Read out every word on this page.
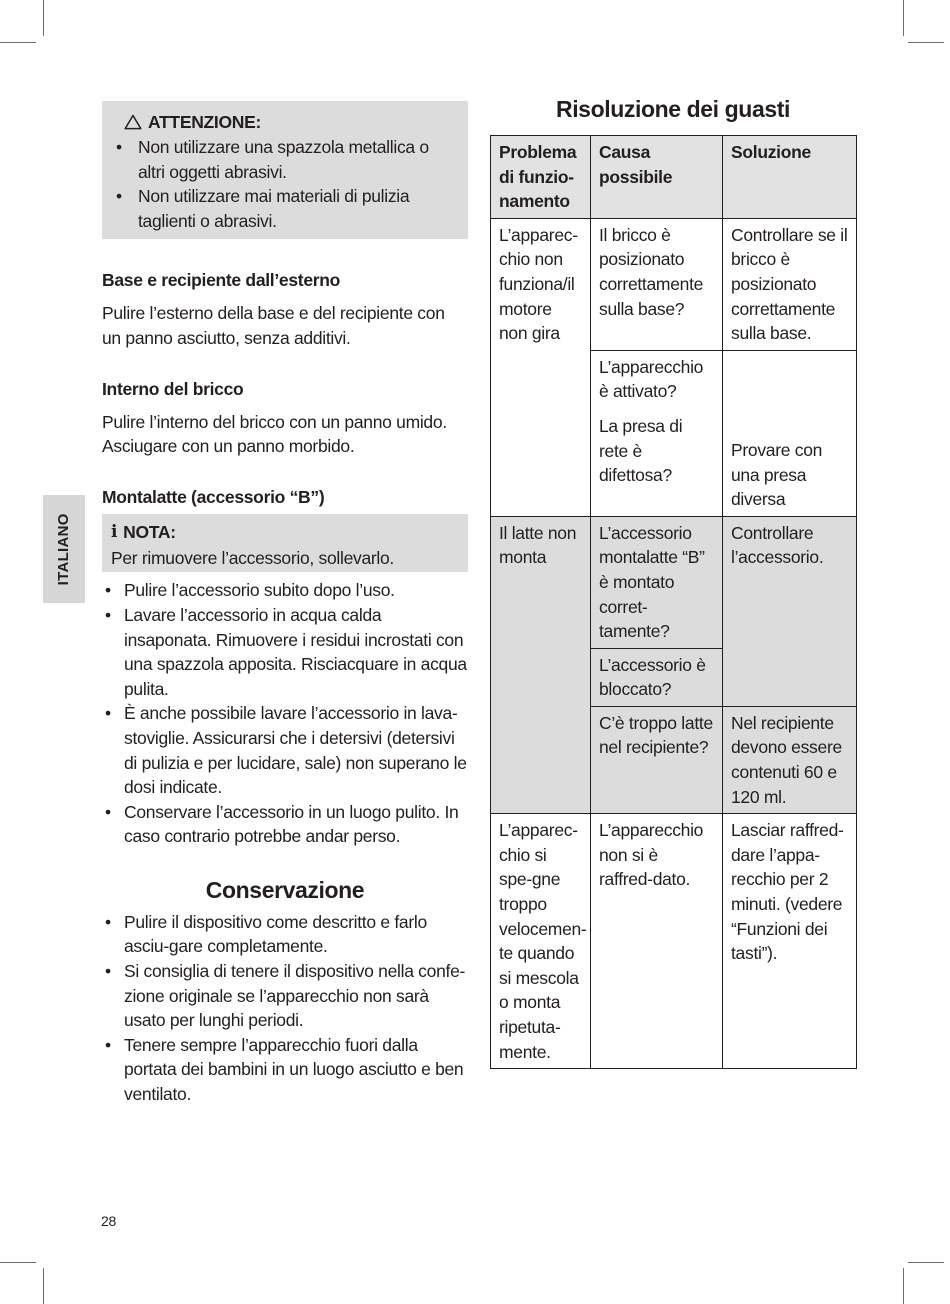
ITALIANO
ATTENZIONE:
• Non utilizzare una spazzola metallica o altri oggetti abrasivi.
• Non utilizzare mai materiali di pulizia taglienti o abrasivi.
Base e recipiente dall’esterno

Pulire l’esterno della base e del recipiente con un panno asciutto, senza additivi.

Interno del bricco

Pulire l’interno del bricco con un panno umido. Asciugare con un panno morbido.

Montalatte (accessorio “B”)
i NOTA:

Per rimuovere l’accessorio, sollevarlo.

• Pulire l’accessorio subito dopo l’uso.
• Lavare l’accessorio in acqua calda insaponata. Rimuovere i residui incrostati con una spazzola apposita. Risciacquare in acqua pulita.
• È anche possibile lavare l’accessorio in lava-stoviglie. Assicurarsi che i detersivi (detersivi di pulizia e per lucidare, sale) non superano le dosi indicate.
• Conservare l’accessorio in un luogo pulito. In caso contrario potrebbe andar perso.
Conservazione
• Pulire il dispositivo come descritto e farlo asciu-gare completamente.
• Si consiglia di tenere il dispositivo nella confe-zione originale se l’apparecchio non sarà usato per lunghi periodi.
• Tenere sempre l’apparecchio fuori dalla portata dei bambini in un luogo asciutto e ben ventilato.
Risoluzione dei guasti
Problema di funzio-namento	Causa possibile	Soluzione
L’apparec-chio non funziona/il motore non gira	Il bricco è posizionato correttamente sulla base?	Controllare se il bricco è posizionato correttamente sulla base.
	L’apparecchio è attivato?	Provare con una presa diversa
	La presa di rete è difettosa?	
Il latte non monta	L’accessorio montalatte “B” è montato corret-tamente?	Controllare l’accessorio.
	L’accessorio è bloccato?	
	C’è troppo latte nel recipiente?	Nel recipiente devono essere contenuti 60 e 120 ml.
L’apparec-chio si spe-gne troppo velocemen-te quando si mescola o monta ripetuta-mente.	L’apparecchio non si è raffred-dato.	Lasciar raffred-dare l’appa-recchio per 2 minuti. (vedere “Funzioni dei tasti”).
28
